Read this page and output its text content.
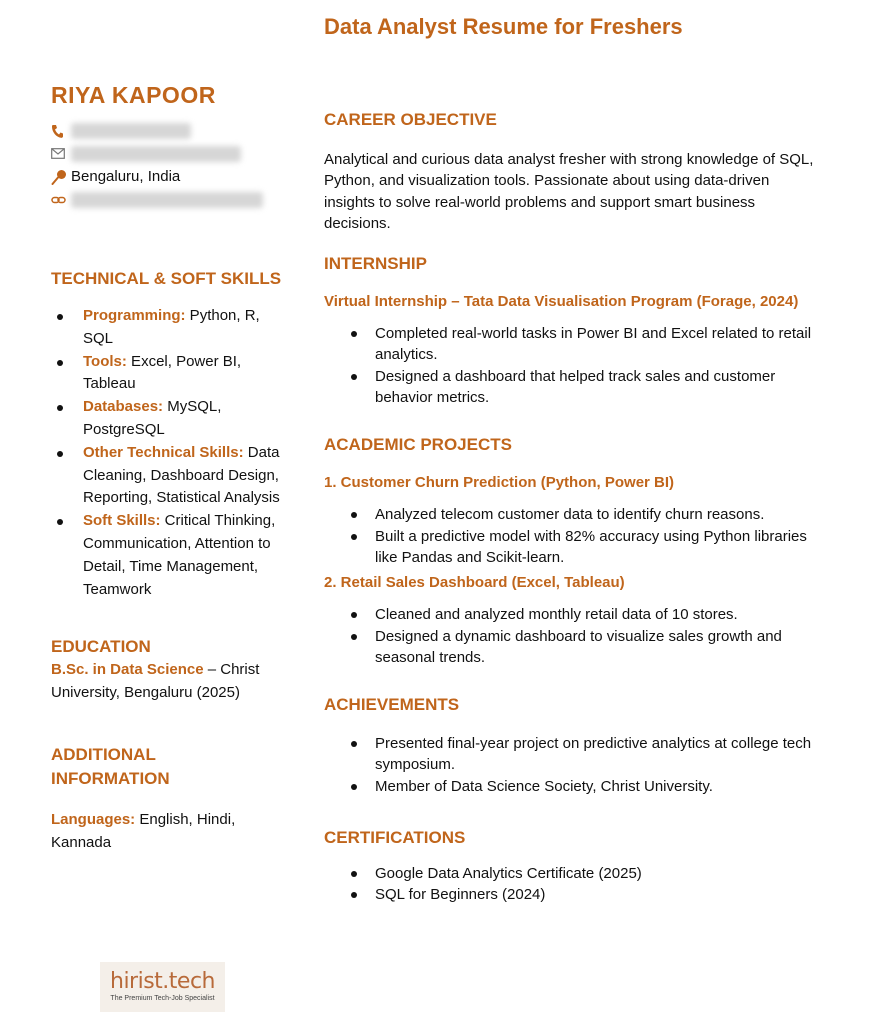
Data Analyst Resume for Freshers
RIYA KAPOOR
Bengaluru, India
TECHNICAL & SOFT SKILLS
Programming: Python, R, SQL
Tools: Excel, Power BI, Tableau
Databases: MySQL, PostgreSQL
Other Technical Skills: Data Cleaning, Dashboard Design, Reporting, Statistical Analysis
Soft Skills: Critical Thinking, Communication, Attention to Detail, Time Management, Teamwork
EDUCATION
B.Sc. in Data Science – Christ University, Bengaluru (2025)
ADDITIONAL INFORMATION
Languages: English, Hindi, Kannada
CAREER OBJECTIVE

Analytical and curious data analyst fresher with strong knowledge of SQL, Python, and visualization tools. Passionate about using data-driven insights to solve real-world problems and support smart business decisions.

INTERNSHIP
Virtual Internship – Tata Data Visualisation Program (Forage, 2024)
Completed real-world tasks in Power BI and Excel related to retail analytics.
Designed a dashboard that helped track sales and customer behavior metrics.
ACADEMIC PROJECTS
1. Customer Churn Prediction (Python, Power BI)
Analyzed telecom customer data to identify churn reasons.
Built a predictive model with 82% accuracy using Python libraries like Pandas and Scikit-learn.
2. Retail Sales Dashboard (Excel, Tableau)
Cleaned and analyzed monthly retail data of 10 stores.
Designed a dynamic dashboard to visualize sales growth and seasonal trends.
ACHIEVEMENTS
Presented final-year project on predictive analytics at college tech symposium.
Member of Data Science Society, Christ University.
CERTIFICATIONS
Google Data Analytics Certificate (2025)
SQL for Beginners (2024)
hirist.tech
The Premium Tech-Job Specialist
